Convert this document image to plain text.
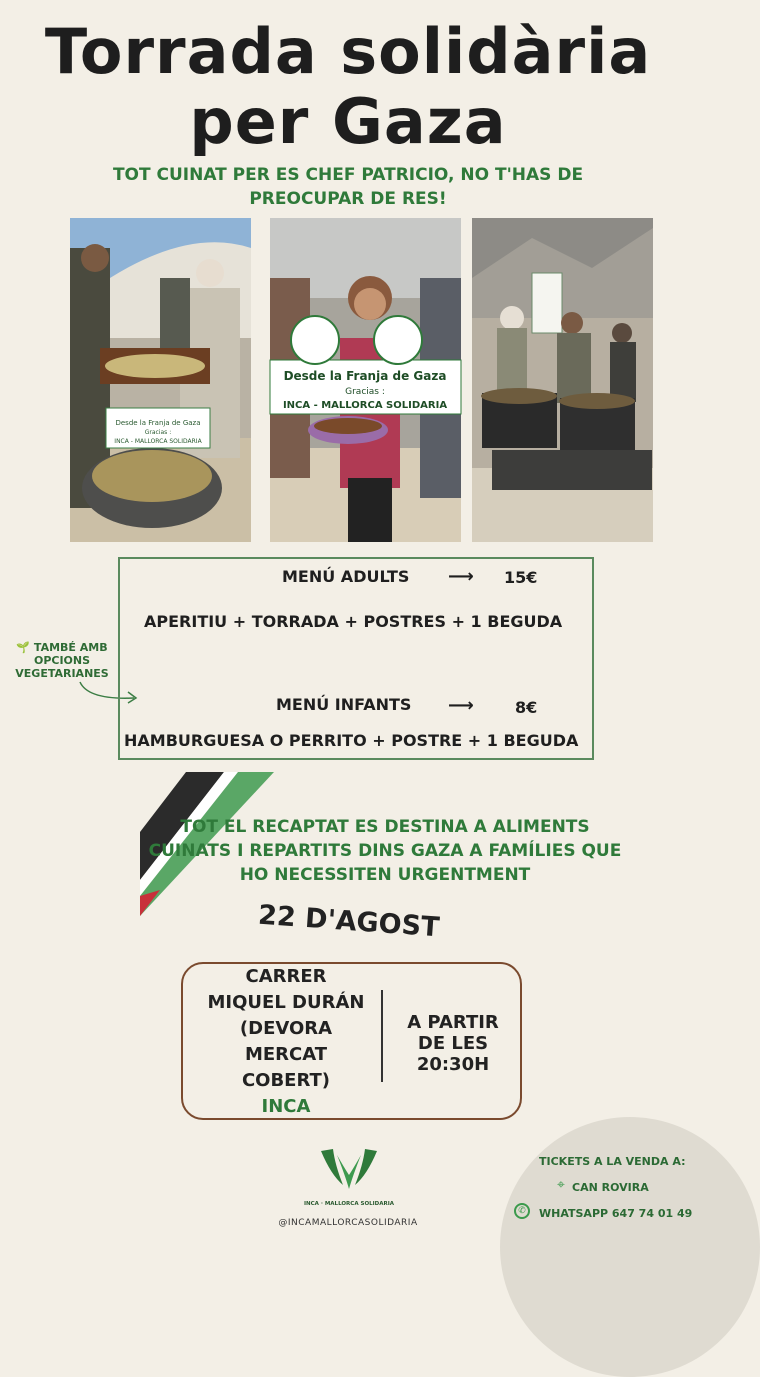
Torrada solidària
per Gaza
TOT CUINAT PER ES CHEF PATRICIO, NO T'HAS DE PREOCUPAR DE RES!
Desde la Franja de Gaza
Gracias :
INCA - MALLORCA SOLIDARIA
Desde la Franja de Gaza
Gracias :
INCA - MALLORCA SOLIDARIA
🌱 TAMBÉ AMB OPCIONS VEGETARIANES
MENÚ ADULTS ⟶ 15€
APERITIU + TORRADA + POSTRES + 1 BEGUDA
MENÚ INFANTS ⟶	8€
HAMBURGUESA O PERRITO + POSTRE + 1 BEGUDA
TOT EL RECAPTAT ES DESTINA A ALIMENTS CUINATS I REPARTITS DINS GAZA A FAMÍLIES QUE HO NECESSITEN URGENTMENT
22 D'AGOST
CARRER
MIQUEL DURÁN
(DEVORA
MERCAT
COBERT)
INCA
A PARTIR
DE LES
20:30H
TICKETS A LA VENDA A:
⌖ CAN ROVIRA
✆	WHATSAPP 647 74 01 49
INCA · MALLORCA SOLIDARIA
@INCAMALLORCASOLIDARIA
